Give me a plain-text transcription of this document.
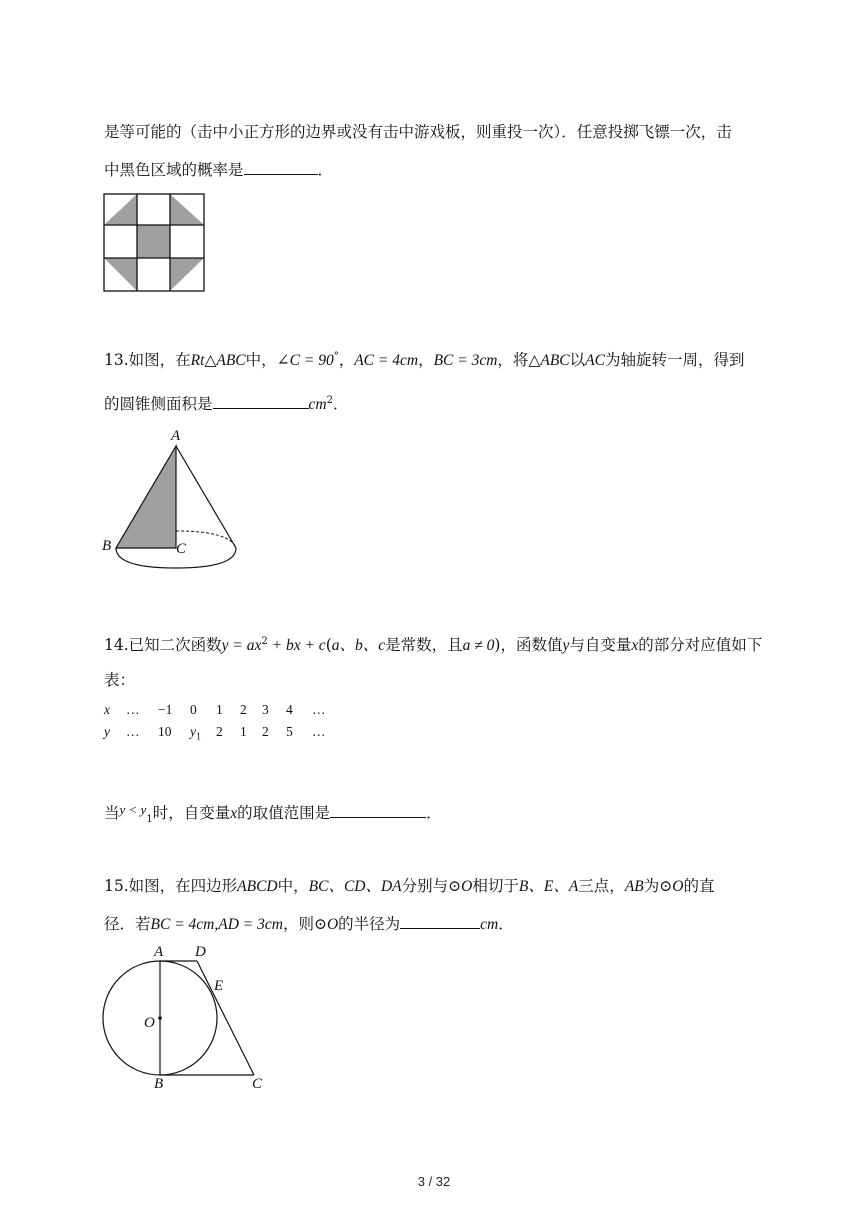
是等可能的（击中小正方形的边界或没有击中游戏板，则重投一次）．任意投掷飞镖一次，击
中黑色区域的概率是	．
13.如图，在Rt△ABC中，∠C = 90°，AC = 4cm，BC = 3cm，将△ABC以AC为轴旋转一周，得到
的圆锥侧面积是	$cm^2$．
A
B	C
14.已知二次函数$y = ax^2$ + bx + c(a、b、c是常数，且a ≠ 0)，函数值y与自变量x的部分对应值如下
表：
x … −1 0 1 2 3 4 …
y … 10 $y_1$ 2 1 2 5 …
当$^{y < y}_1$时，自变量x的取值范围是	．
15.如图，在四边形ABCD中，BC、CD、DA分别与⊙O相切于B、E、A三点，AB为⊙O的直
径．若BC = 4cm,AD = 3cm，则⊙O的半径为	cm．
A D
E
O
B	C
3 / 32
